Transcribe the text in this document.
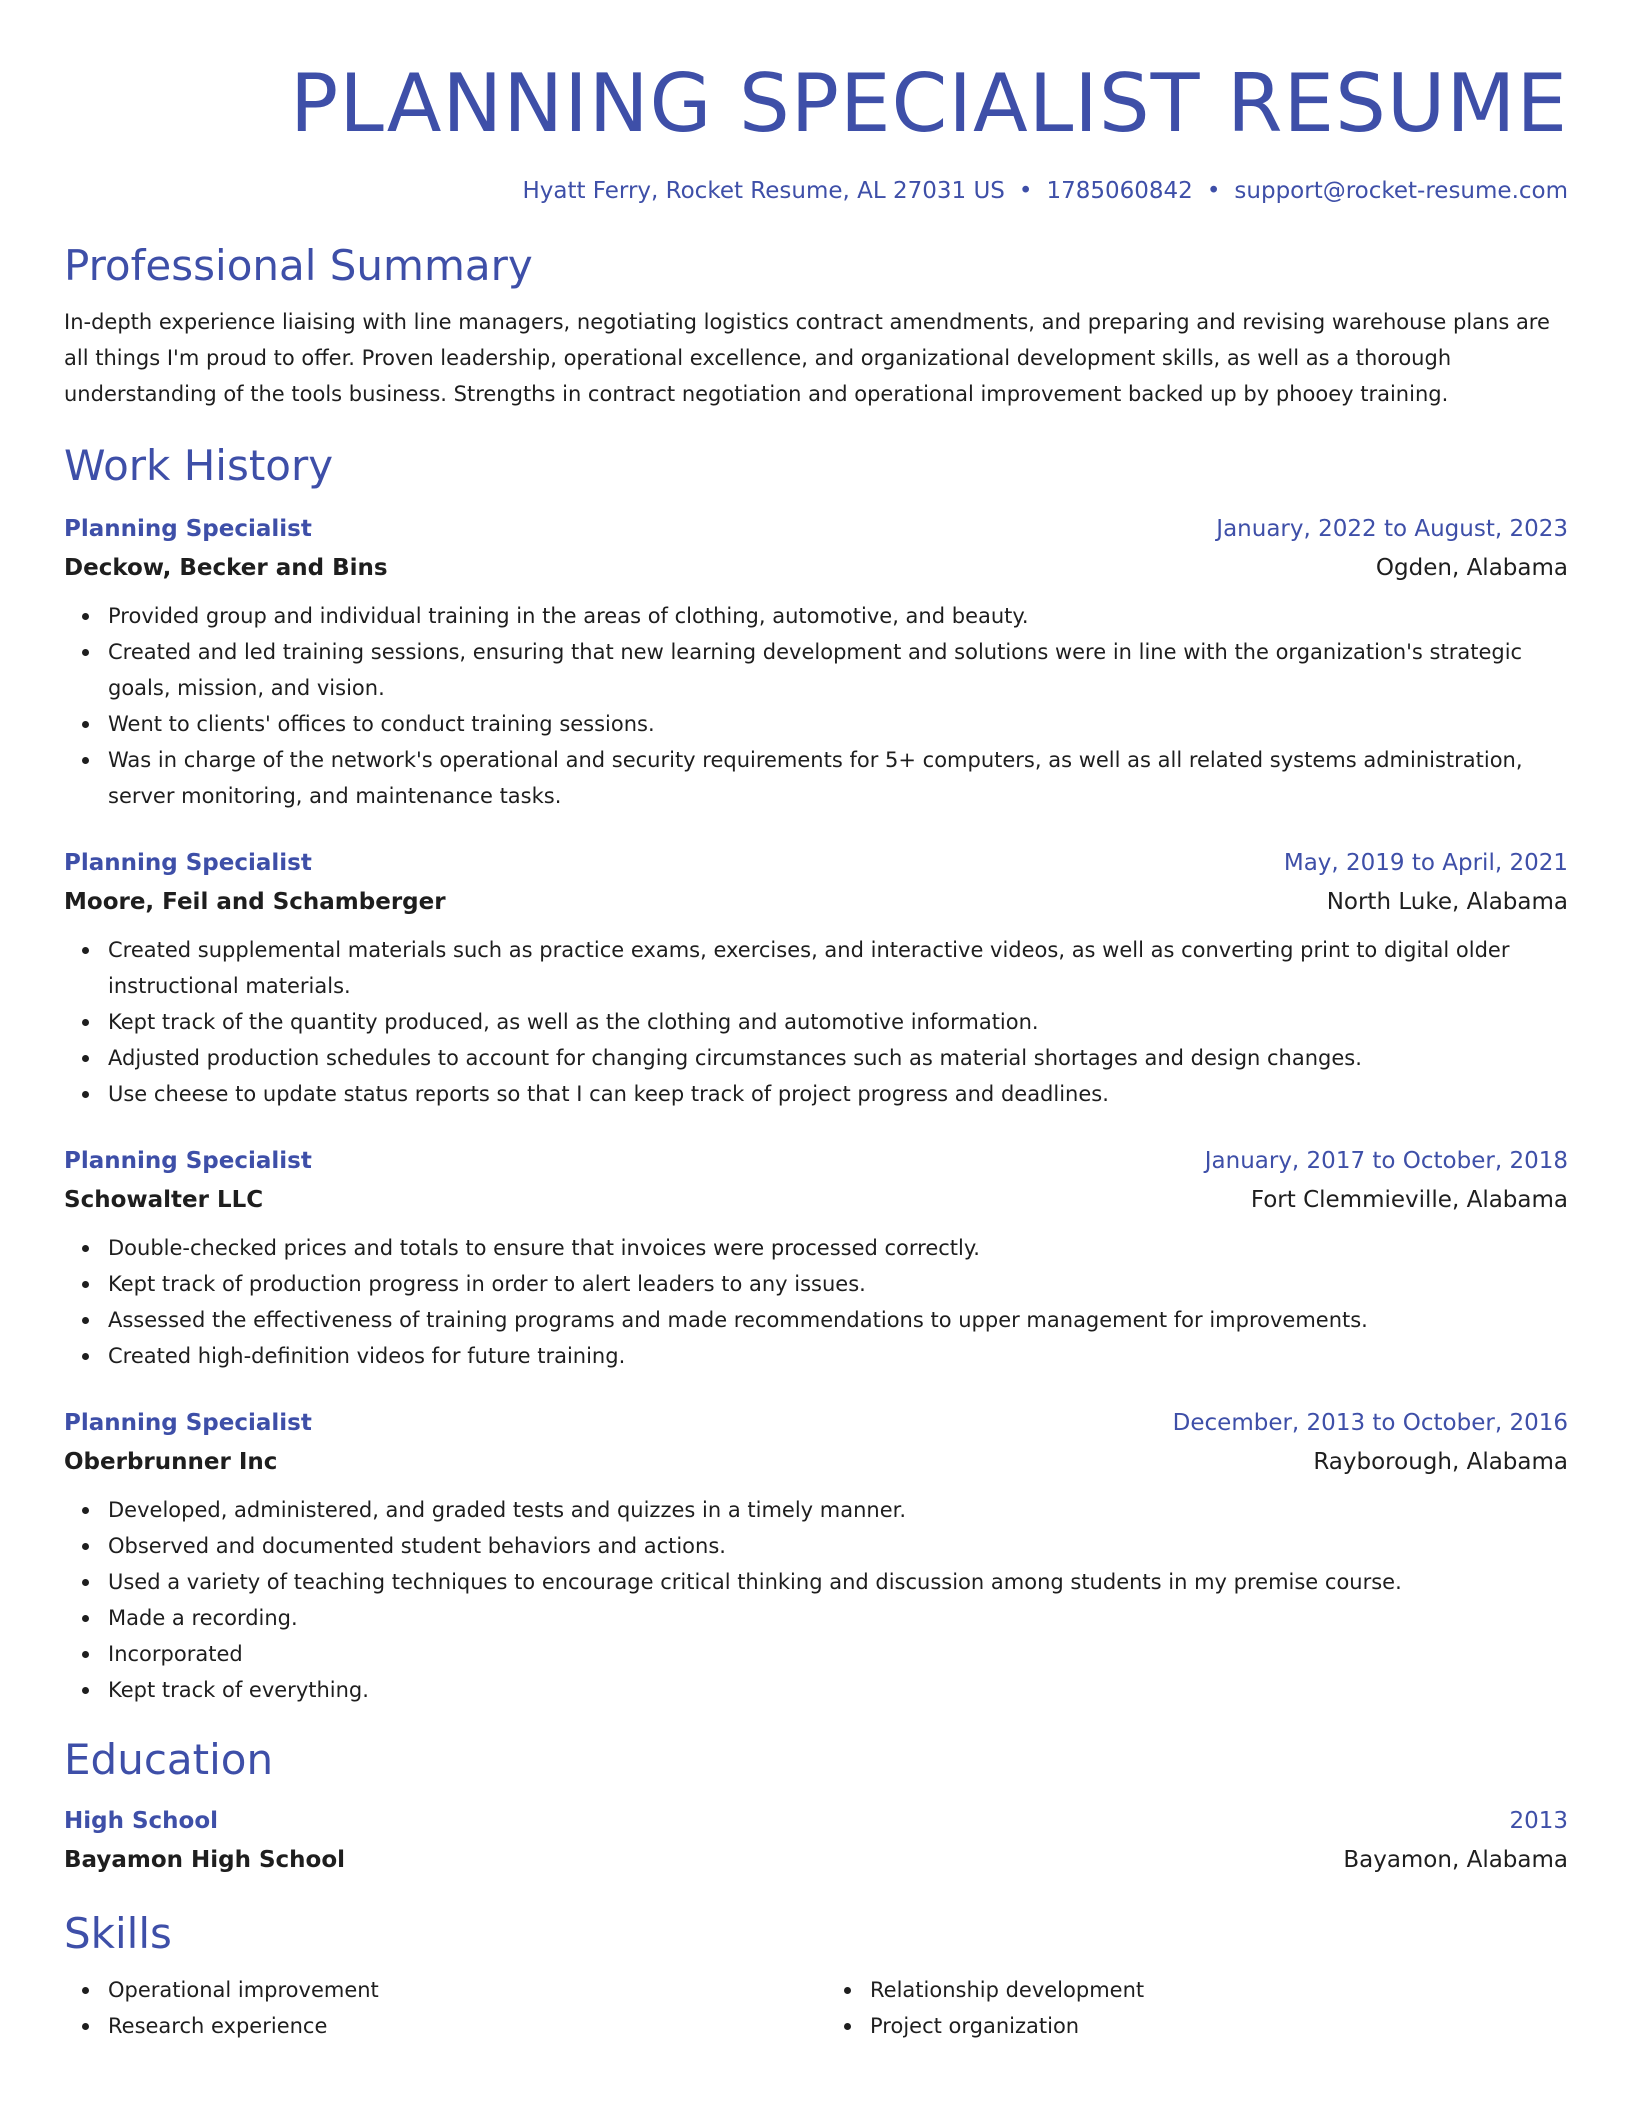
PLANNING SPECIALIST RESUME
Hyatt Ferry, Rocket Resume, AL 27031 US • 1785060842 • support@rocket-resume.com
Professional Summary

In-depth experience liaising with line managers, negotiating logistics contract amendments, and preparing and revising warehouse plans are all things I'm proud to offer. Proven leadership, operational excellence, and organizational development skills, as well as a thorough understanding of the tools business. Strengths in contract negotiation and operational improvement backed up by phooey training.

Work History
Planning Specialist	January, 2022 to August, 2023
Deckow, Becker and Bins	Ogden, Alabama
Provided group and individual training in the areas of clothing, automotive, and beauty.
Created and led training sessions, ensuring that new learning development and solutions were in line with the organization's strategic goals, mission, and vision.
Went to clients' offices to conduct training sessions.
Was in charge of the network's operational and security requirements for 5+ computers, as well as all related systems administration, server monitoring, and maintenance tasks.
Planning Specialist	May, 2019 to April, 2021
Moore, Feil and Schamberger	North Luke, Alabama
Created supplemental materials such as practice exams, exercises, and interactive videos, as well as converting print to digital older instructional materials.
Kept track of the quantity produced, as well as the clothing and automotive information.
Adjusted production schedules to account for changing circumstances such as material shortages and design changes.
Use cheese to update status reports so that I can keep track of project progress and deadlines.
Planning Specialist	January, 2017 to October, 2018
Schowalter LLC	Fort Clemmieville, Alabama
Double-checked prices and totals to ensure that invoices were processed correctly.
Kept track of production progress in order to alert leaders to any issues.
Assessed the effectiveness of training programs and made recommendations to upper management for improvements.
Created high-definition videos for future training.
Planning Specialist	December, 2013 to October, 2016
Oberbrunner Inc	Rayborough, Alabama
Developed, administered, and graded tests and quizzes in a timely manner.
Observed and documented student behaviors and actions.
Used a variety of teaching techniques to encourage critical thinking and discussion among students in my premise course.
Made a recording.
Incorporated
Kept track of everything.
Education
High School	2013
Bayamon High School	Bayamon, Alabama
Skills
Operational improvement	Relationship development
Research experience	Project organization
